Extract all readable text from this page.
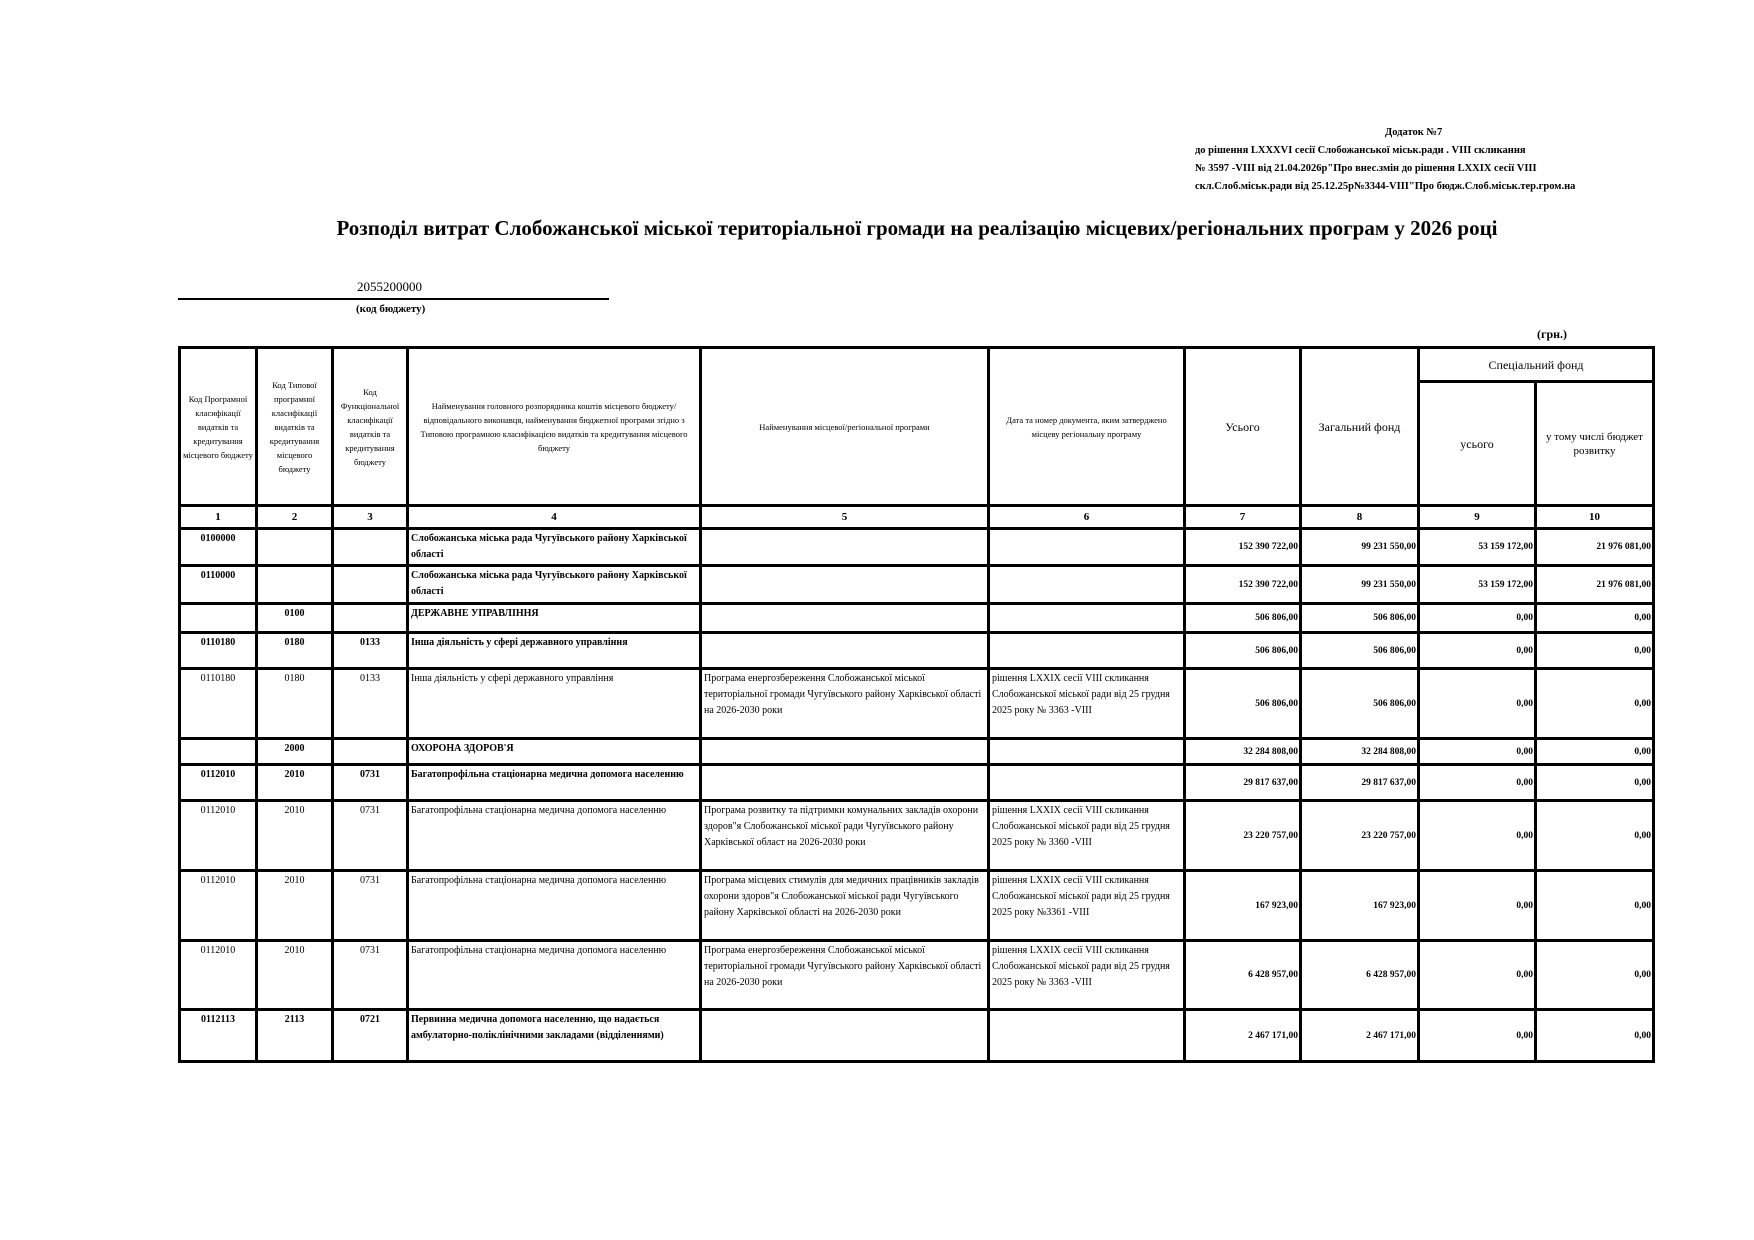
Додаток №7
до рішення LXXXVI сесії Слобожанської міськ.ради . VIII скликання
№ 3597 -VIII від 21.04.2026р"Про внес.змін до рішення LXXIX сесії VIII
скл.Слоб.міськ.ради від 25.12.25р№3344-VIII"Про бюдж.Слоб.міськ.тер.гром.на
Розподіл витрат Слобожанської міської територіальної громади на реалізацію місцевих/регіональних програм у 2026 році
2055200000
(код бюджету)
(грн.)
Код Програмної класифікації видатків та кредитування місцевого бюджету	Код Типової програмної класифікації видатків та кредитування місцевого бюджету	Код Функціональної класифікації видатків та кредитування бюджету	Найменування головного розпорядника коштів місцевого бюджету/ відповідального виконавця, найменування бюджетної програми згідно з Типовою програмною класифікацією видатків та кредитування місцевого бюджету	Найменування місцевої/регіональної програми	Дата та номер документа, яким затверджено місцеву регіональну програму	Усього	Загальний фонд	Спеціальний фонд	
								усього	у тому числі бюджет розвитку
1	2	3	4	5	6	7	8	9	10
0100000			Слобожанська міська рада Чугуївського району Харківської області			152 390 722,00	99 231 550,00	53 159 172,00	21 976 081,00
0110000			Слобожанська міська рада Чугуївського району Харківської області			152 390 722,00	99 231 550,00	53 159 172,00	21 976 081,00
	0100		ДЕРЖАВНЕ УПРАВЛІННЯ			506 806,00	506 806,00	0,00	0,00
0110180	0180	0133	Інша діяльність у сфері державного управління			506 806,00	506 806,00	0,00	0,00
0110180	0180	0133	Інша діяльність у сфері державного управління	Програма енергозбереження Слобожанської міської територіальної громади Чугуївського району Харківської області на 2026-2030 роки	рішення LXXIX сесії VIII скликання Слобожанської міської ради від 25 грудня 2025 року № 3363 -VIII	506 806,00	506 806,00	0,00	0,00
	2000		ОХОРОНА ЗДОРОВ'Я			32 284 808,00	32 284 808,00	0,00	0,00
0112010	2010	0731	Багатопрофільна стаціонарна медична допомога населенню			29 817 637,00	29 817 637,00	0,00	0,00
0112010	2010	0731	Багатопрофільна стаціонарна медична допомога населенню	Програма розвитку та підтримки комунальних закладів охорони здоров"я Слобожанської міської ради Чугуївського району Харківської област на 2026-2030 роки	рішення LXXIX сесії VIII скликання Слобожанської міської ради від 25 грудня 2025 року № 3360 -VIII	23 220 757,00	23 220 757,00	0,00	0,00
0112010	2010	0731	Багатопрофільна стаціонарна медична допомога населенню	Програма місцевих стимулів для медичних працівників закладів охорони здоров"я Слобожанської міської ради Чугуївського району Харківської області на 2026-2030 роки	рішення LXXIX сесії VIII скликання Слобожанської міської ради від 25 грудня 2025 року №3361 -VIII	167 923,00	167 923,00	0,00	0,00
0112010	2010	0731	Багатопрофільна стаціонарна медична допомога населенню	Програма енергозбереження Слобожанської міської територіальної громади Чугуївського району Харківської області на 2026-2030 роки	рішення LXXIX сесії VIII скликання Слобожанської міської ради від 25 грудня 2025 року № 3363 -VIII	6 428 957,00	6 428 957,00	0,00	0,00
0112113	2113	0721	Первинна медична допомога населенню, що надається амбулаторно-поліклінічними закладами (відділеннями)			2 467 171,00	2 467 171,00	0,00	0,00
